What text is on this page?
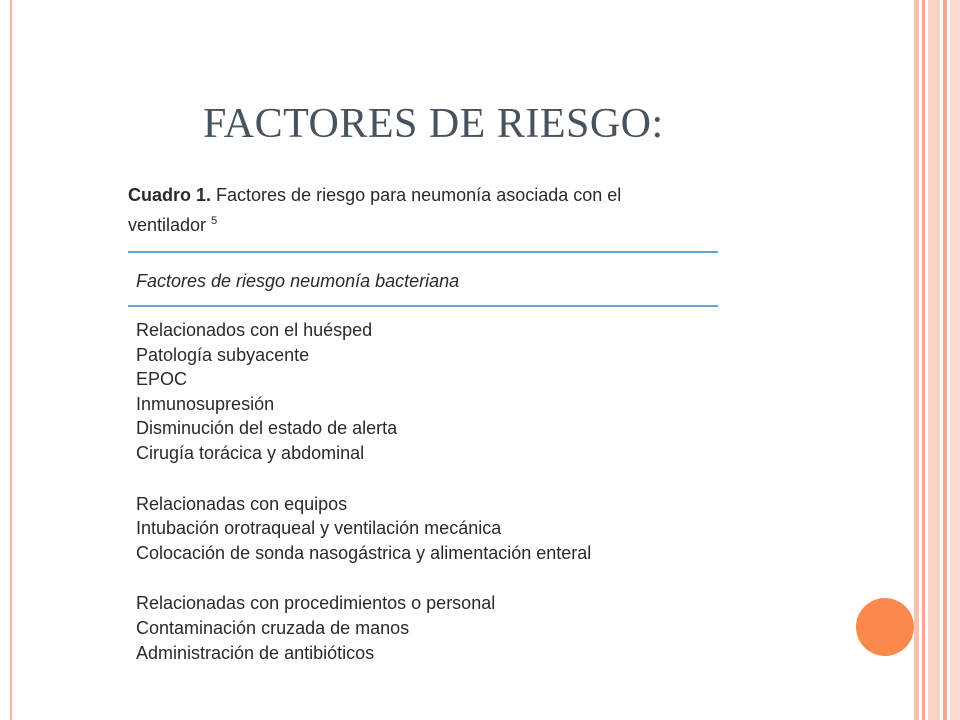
FACTORES DE RIESGO:

Cuadro 1. Factores de riesgo para neumonía asociada con el
ventilador $^5$

Factores de riesgo neumonía bacteriana
Relacionados con el huésped
Patología subyacente
EPOC
Inmunosupresión
Disminución del estado de alerta
Cirugía torácica y abdominal
Relacionadas con equipos
Intubación orotraqueal y ventilación mecánica
Colocación de sonda nasogástrica y alimentación enteral
Relacionadas con procedimientos o personal
Contaminación cruzada de manos
Administración de antibióticos
